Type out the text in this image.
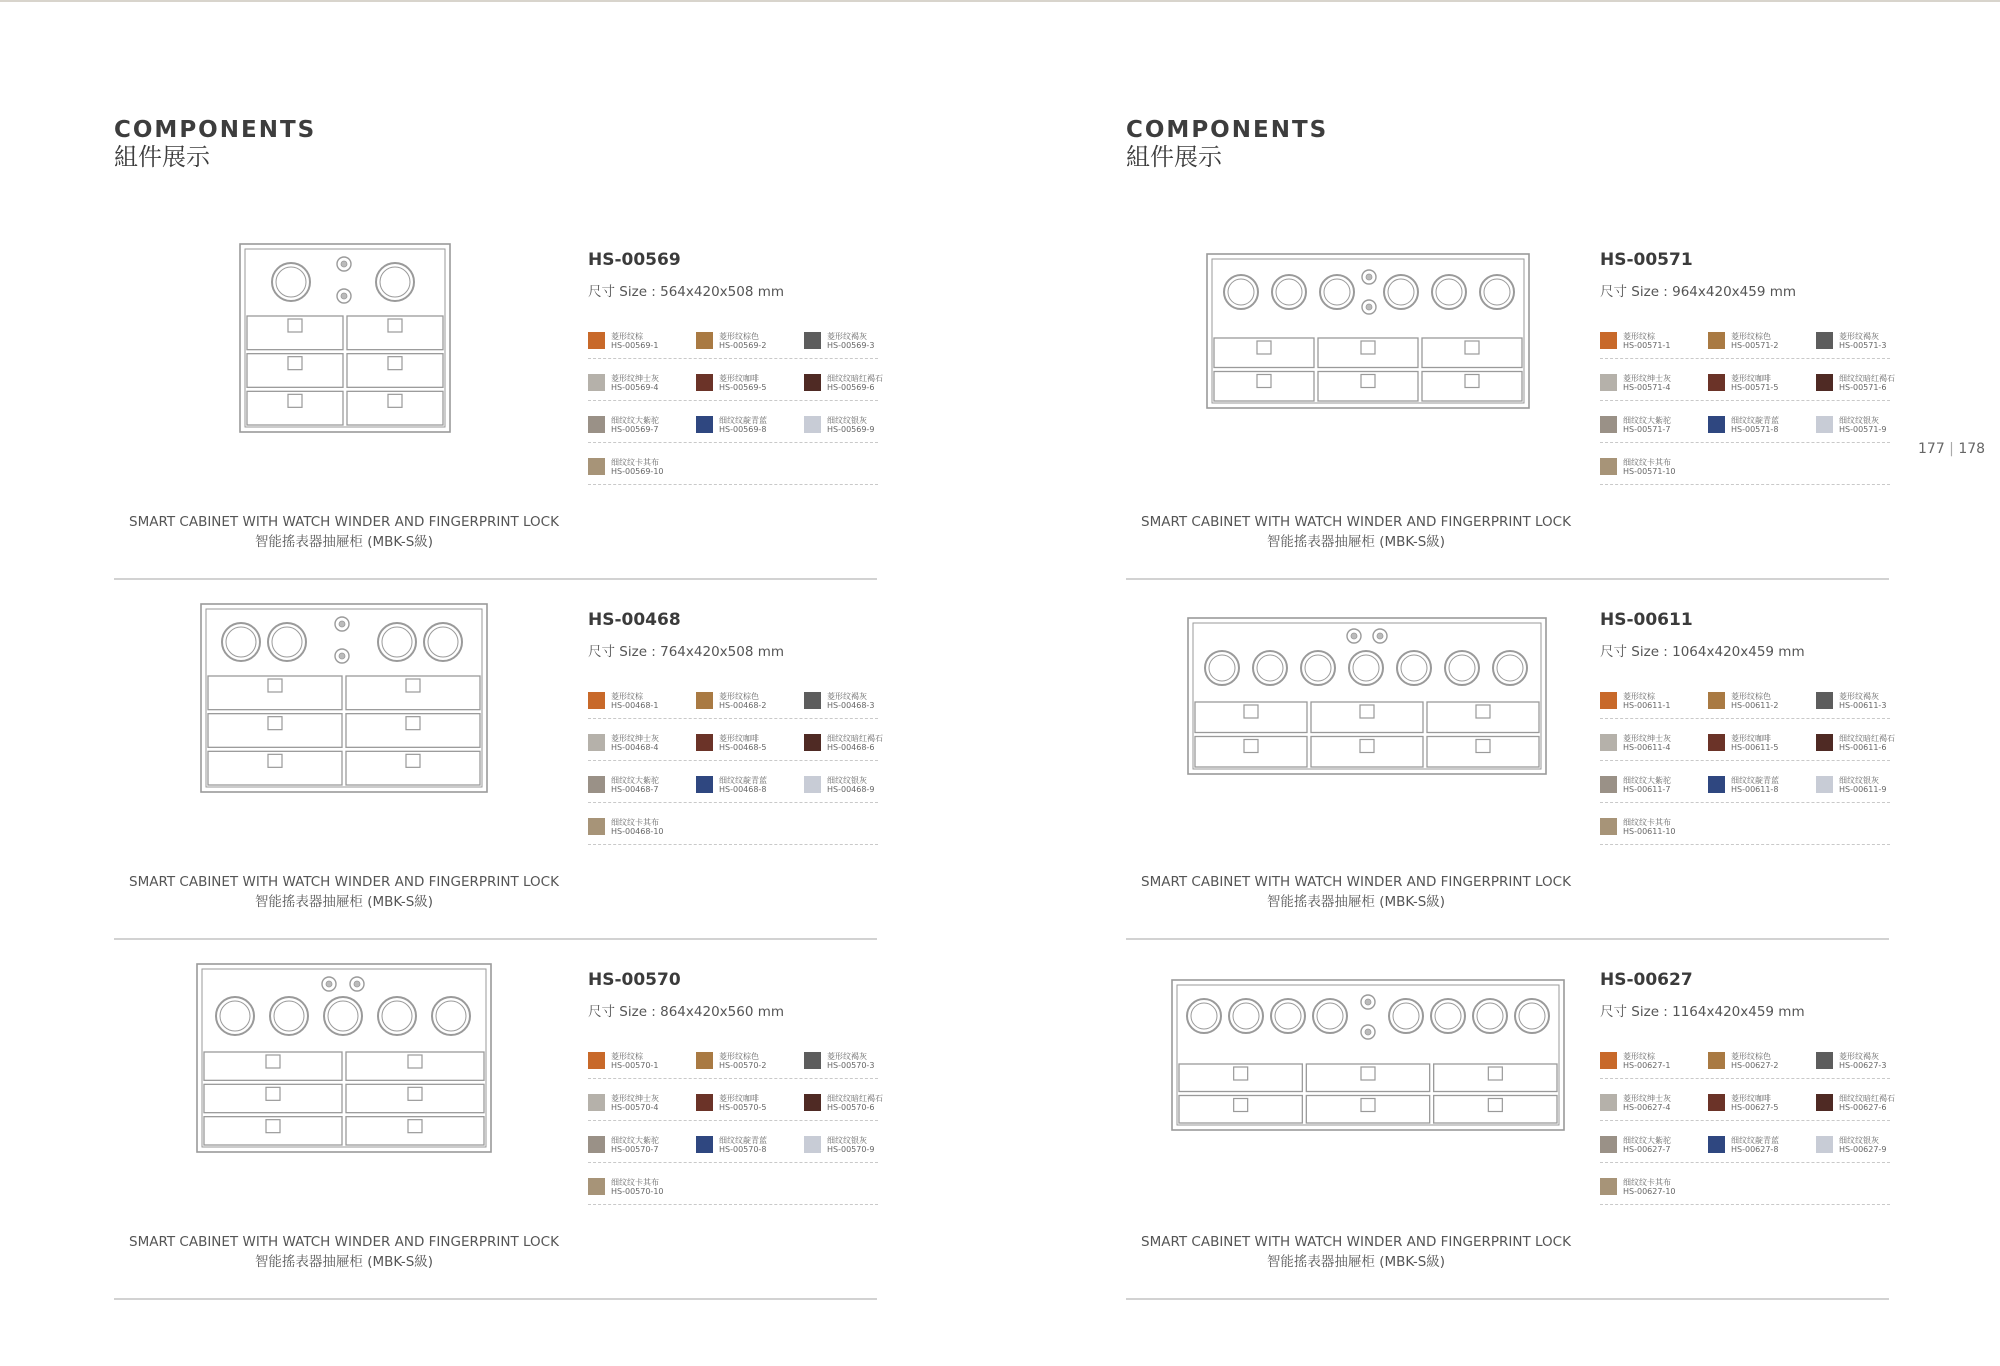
COMPONENTS
組件展示
SMART CABINET WITH WATCH WINDER AND FINGERPRINT LOCK
智能搖表器抽屜柜 (MBK-S級)
HS-00569
尺寸 Size : 564x420x508 mm
菱形纹棕
HS-00569-1
菱形纹棕色
HS-00569-2
菱形纹褐灰
HS-00569-3
菱形纹绅士灰
HS-00569-4
菱形纹咖啡
HS-00569-5
细纹纹暗红褐石
HS-00569-6
细纹纹大紫驼
HS-00569-7
细纹纹靛青蓝
HS-00569-8
细纹纹银灰
HS-00569-9
细纹纹卡其布
HS-00569-10
SMART CABINET WITH WATCH WINDER AND FINGERPRINT LOCK
智能搖表器抽屜柜 (MBK-S級)
HS-00468
尺寸 Size : 764x420x508 mm
菱形纹棕
HS-00468-1
菱形纹棕色
HS-00468-2
菱形纹褐灰
HS-00468-3
菱形纹绅士灰
HS-00468-4
菱形纹咖啡
HS-00468-5
细纹纹暗红褐石
HS-00468-6
细纹纹大紫驼
HS-00468-7
细纹纹靛青蓝
HS-00468-8
细纹纹银灰
HS-00468-9
细纹纹卡其布
HS-00468-10
SMART CABINET WITH WATCH WINDER AND FINGERPRINT LOCK
智能搖表器抽屜柜 (MBK-S級)
HS-00570
尺寸 Size : 864x420x560 mm
菱形纹棕
HS-00570-1
菱形纹棕色
HS-00570-2
菱形纹褐灰
HS-00570-3
菱形纹绅士灰
HS-00570-4
菱形纹咖啡
HS-00570-5
细纹纹暗红褐石
HS-00570-6
细纹纹大紫驼
HS-00570-7
细纹纹靛青蓝
HS-00570-8
细纹纹银灰
HS-00570-9
细纹纹卡其布
HS-00570-10
COMPONENTS
組件展示
SMART CABINET WITH WATCH WINDER AND FINGERPRINT LOCK
智能搖表器抽屜柜 (MBK-S級)
HS-00571
尺寸 Size : 964x420x459 mm
菱形纹棕
HS-00571-1
菱形纹棕色
HS-00571-2
菱形纹褐灰
HS-00571-3
菱形纹绅士灰
HS-00571-4
菱形纹咖啡
HS-00571-5
细纹纹暗红褐石
HS-00571-6
细纹纹大紫驼
HS-00571-7
细纹纹靛青蓝
HS-00571-8
细纹纹银灰
HS-00571-9
细纹纹卡其布
HS-00571-10
SMART CABINET WITH WATCH WINDER AND FINGERPRINT LOCK
智能搖表器抽屜柜 (MBK-S級)
HS-00611
尺寸 Size : 1064x420x459 mm
菱形纹棕
HS-00611-1
菱形纹棕色
HS-00611-2
菱形纹褐灰
HS-00611-3
菱形纹绅士灰
HS-00611-4
菱形纹咖啡
HS-00611-5
细纹纹暗红褐石
HS-00611-6
细纹纹大紫驼
HS-00611-7
细纹纹靛青蓝
HS-00611-8
细纹纹银灰
HS-00611-9
细纹纹卡其布
HS-00611-10
SMART CABINET WITH WATCH WINDER AND FINGERPRINT LOCK
智能搖表器抽屜柜 (MBK-S級)
HS-00627
尺寸 Size : 1164x420x459 mm
菱形纹棕
HS-00627-1
菱形纹棕色
HS-00627-2
菱形纹褐灰
HS-00627-3
菱形纹绅士灰
HS-00627-4
菱形纹咖啡
HS-00627-5
细纹纹暗红褐石
HS-00627-6
细纹纹大紫驼
HS-00627-7
细纹纹靛青蓝
HS-00627-8
细纹纹银灰
HS-00627-9
细纹纹卡其布
HS-00627-10
177 | 178
